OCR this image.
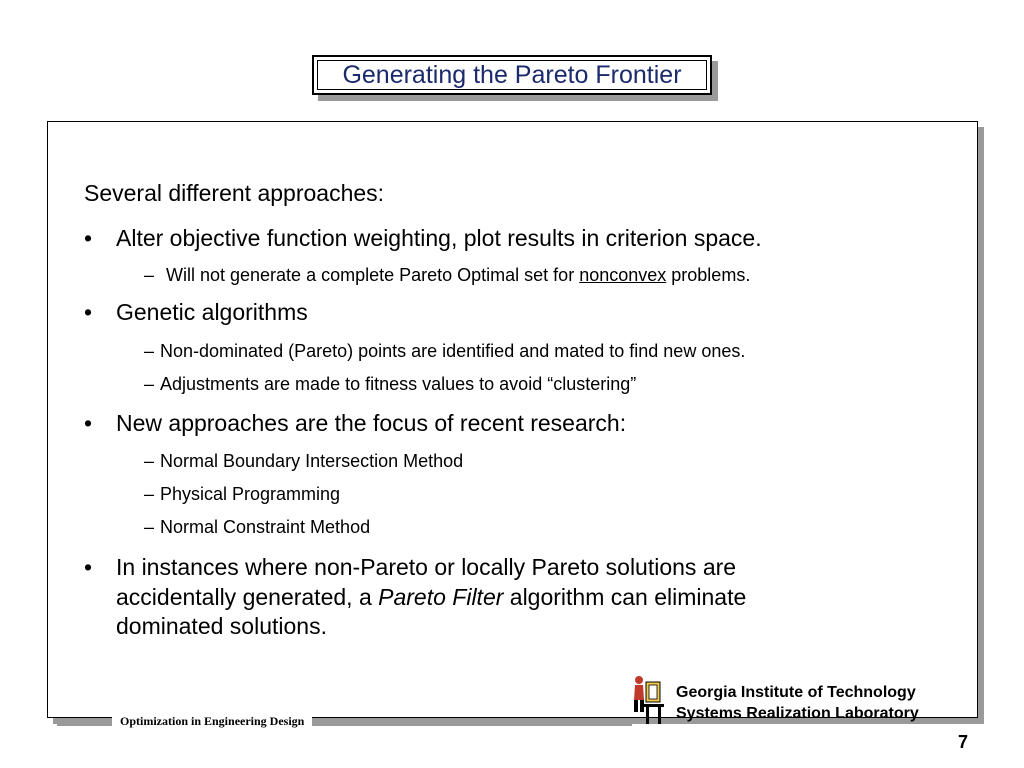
Generating the Pareto Frontier
Several different approaches:
•	Alter objective function weighting, plot results in criterion space.
– Will not generate a complete Pareto Optimal set for nonconvex problems.
•	Genetic algorithms
– Non-dominated (Pareto) points are identified and mated to find new ones.
– Adjustments are made to fitness values to avoid “clustering”
•	New approaches are the focus of recent research:
– Normal Boundary Intersection Method
– Physical Programming
– Normal Constraint Method
•	In instances where non-Pareto or locally Pareto solutions are
accidentally generated, a Pareto Filter algorithm can eliminate
dominated solutions.
Optimization in Engineering Design
Georgia Institute of Technology
Systems Realization Laboratory
7
